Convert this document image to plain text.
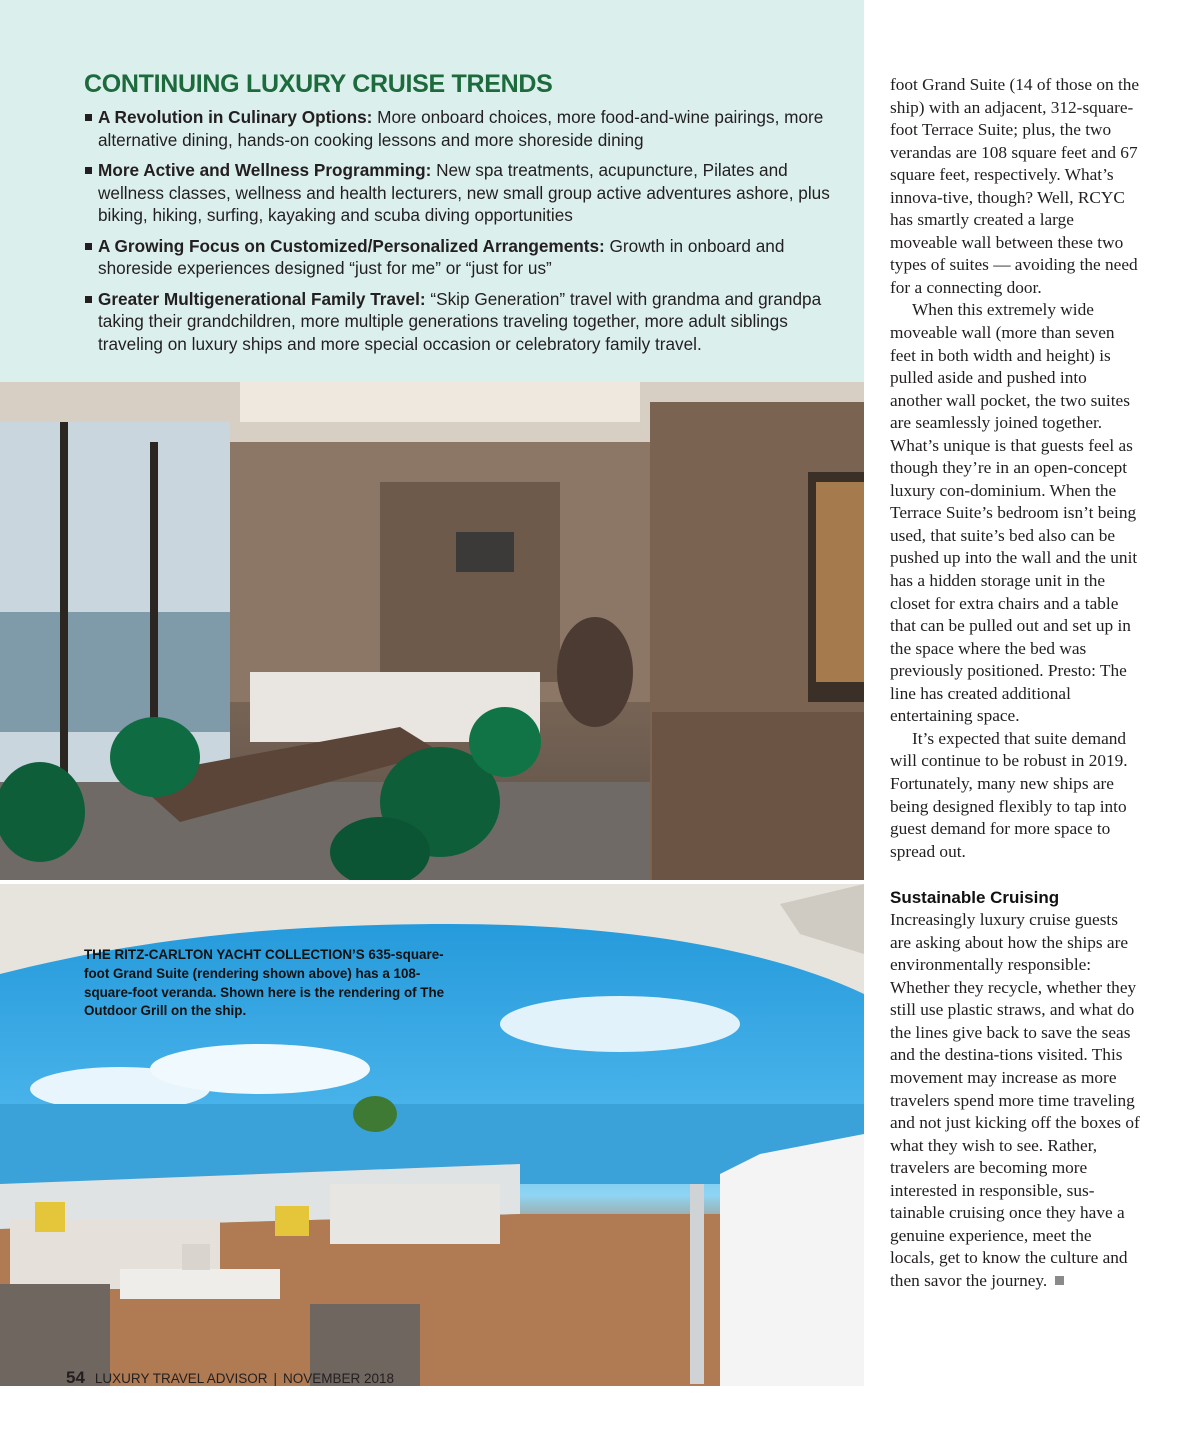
CONTINUING LUXURY CRUISE TRENDS
A Revolution in Culinary Options: More onboard choices, more food-and-wine pairings, more alternative dining, hands-on cooking lessons and more shoreside dining
More Active and Wellness Programming: New spa treatments, acupuncture, Pilates and wellness classes, wellness and health lecturers, new small group active adventures ashore, plus biking, hiking, surfing, kayaking and scuba diving opportunities
A Growing Focus on Customized/Personalized Arrangements: Growth in onboard and shoreside experiences designed “just for me” or “just for us”
Greater Multigenerational Family Travel: “Skip Generation” travel with grandma and grandpa taking their grandchildren, more multiple generations traveling together, more adult siblings traveling on luxury ships and more special occasion or celebratory family travel.

THE RITZ-CARLTON YACHT COLLECTION’S 635-square-foot Grand Suite (rendering shown above) has a 108-square-foot veranda. Shown here is the rendering of The Outdoor Grill on the ship.

foot Grand Suite (14 of those on the ship) with an adjacent, 312-square-foot Terrace Suite; plus, the two verandas are 108 square feet and 67 square feet, respectively. What’s innova-tive, though? Well, RCYC has smartly created a large moveable wall between these two types of suites — avoiding the need for a connecting door.

When this extremely wide moveable wall (more than seven feet in both width and height) is pulled aside and pushed into another wall pocket, the two suites are seamlessly joined together. What’s unique is that guests feel as though they’re in an open-concept luxury con-dominium. When the Terrace Suite’s bedroom isn’t being used, that suite’s bed also can be pushed up into the wall and the unit has a hidden storage unit in the closet for extra chairs and a table that can be pulled out and set up in the space where the bed was previously positioned. Presto: The line has created additional entertaining space.

It’s expected that suite demand will continue to be robust in 2019. Fortunately, many new ships are being designed flexibly to tap into guest demand for more space to spread out.

Sustainable Cruising

Increasingly luxury cruise guests are asking about how the ships are environmentally responsible: Whether they recycle, whether they still use plastic straws, and what do the lines give back to save the seas and the destina-tions visited. This movement may increase as more travelers spend more time traveling and not just kicking off the boxes of what they wish to see. Rather, travelers are becoming more interested in responsible, sus-tainable cruising once they have a genuine experience, meet the locals, get to know the culture and then savor the journey.

54 LUXURY TRAVEL ADVISOR | NOVEMBER 2018
